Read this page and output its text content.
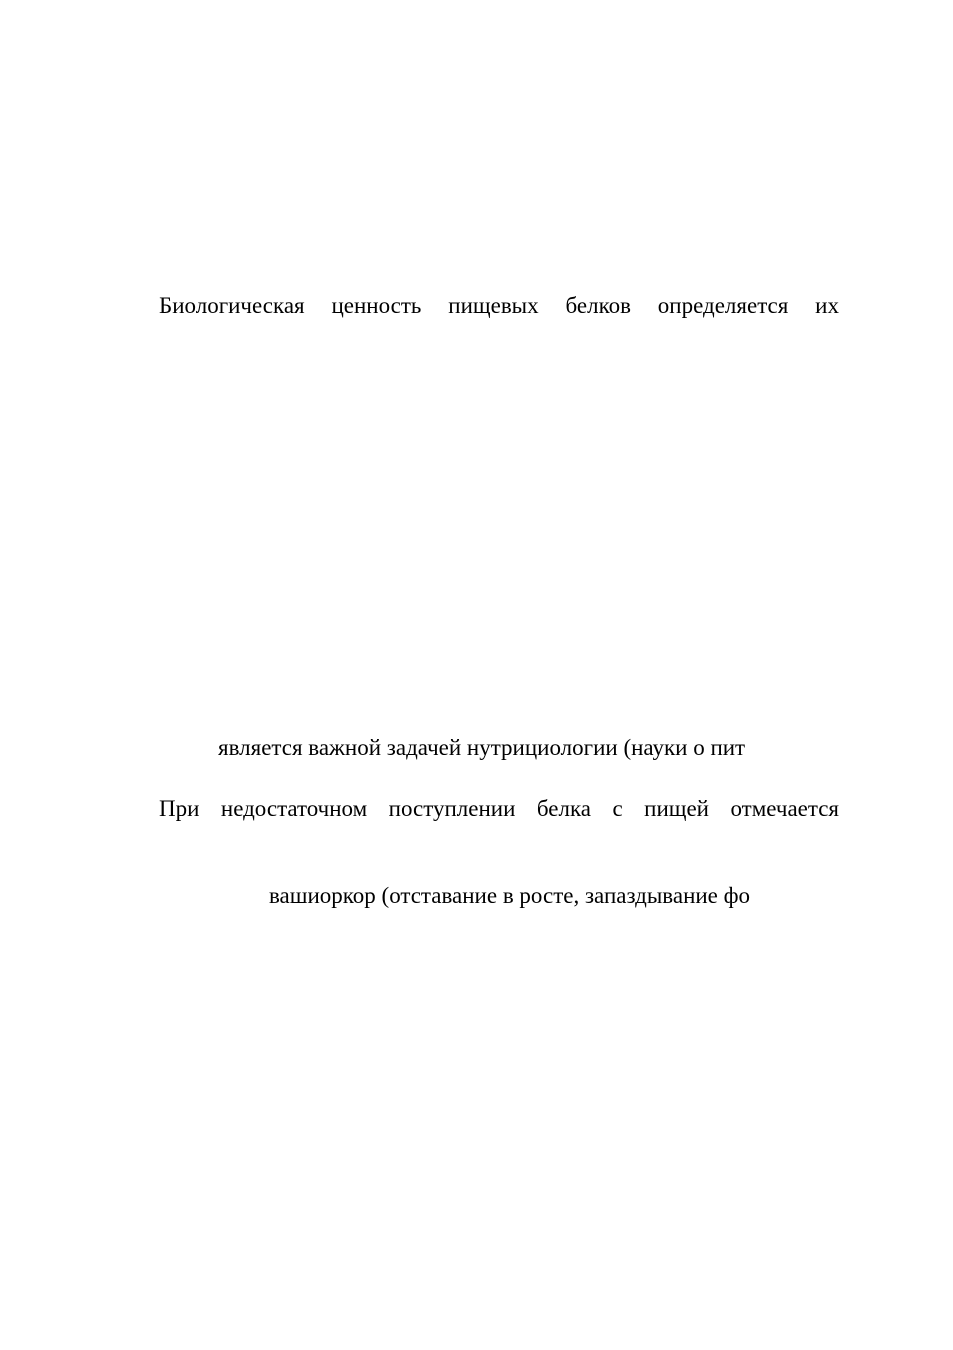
Биологическая ценность пищевых белков определяется их
является важной задачей нутрициологии (науки о пит
При недостаточном поступлении белка с пищей отмечается
вашиоркор (отставание в росте, запаздывание фо
